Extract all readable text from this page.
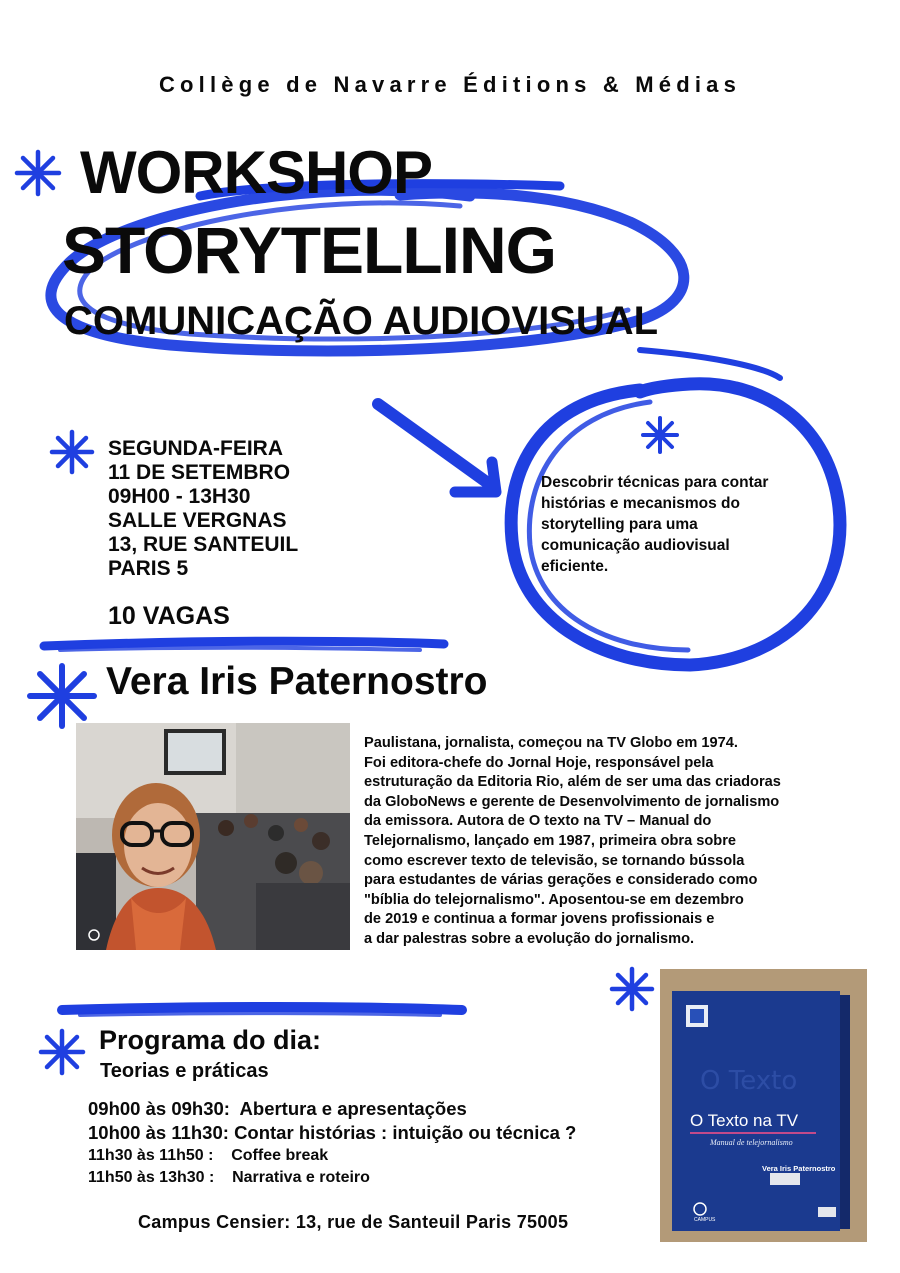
Collège de Navarre Éditions & Médias
WORKSHOP
STORYTELLING
COMUNICAÇÃO AUDIOVISUAL
SEGUNDA-FEIRA
11 DE SETEMBRO
09H00 - 13H30
SALLE VERGNAS
13, RUE SANTEUIL
PARIS 5
10 VAGAS
Descobrir técnicas para contar histórias e mecanismos do storytelling para uma comunicação audiovisual eficiente.
Vera Iris Paternostro
Paulistana, jornalista, começou na TV Globo em 1974.
Foi editora-chefe do Jornal Hoje, responsável pela
estruturação da Editoria Rio, além de ser uma das criadoras
da GloboNews e gerente de Desenvolvimento de jornalismo
da emissora. Autora de O texto na TV – Manual do
Telejornalismo, lançado em 1987, primeira obra sobre
como escrever texto de televisão, se tornando bússola
para estudantes de várias gerações e considerado como
"bíblia do telejornalismo". Aposentou-se em dezembro
de 2019 e continua a formar jovens profissionais e
a dar palestras sobre a evolução do jornalismo.
O Texto
O Texto na TV
Manual de telejornalismo
Vera Iris Paternostro
CAMPUS
Programa do dia:
Teorias e práticas
09h00 às 09h30: Abertura e apresentações
10h00 às 11h30: Contar histórias : intuição ou técnica ?
11h30 às 11h50 : Coffee break
11h50 às 13h30 : Narrativa e roteiro
Campus Censier: 13, rue de Santeuil Paris 75005
